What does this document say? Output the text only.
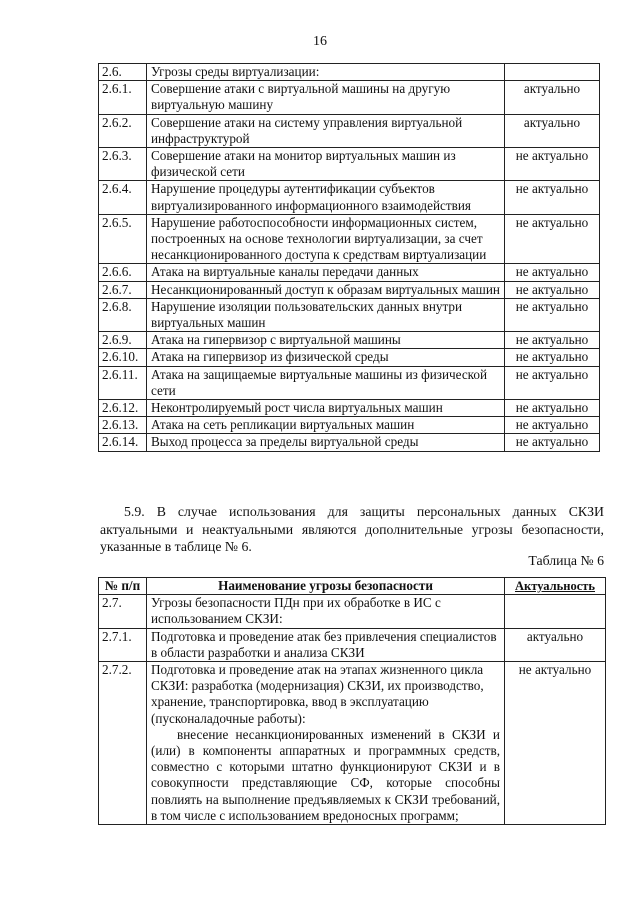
16
2.6.	Угрозы среды виртуализации:	
2.6.1.	Совершение атаки с виртуальной машины на другую виртуальную машину	актуально
2.6.2.	Совершение атаки на систему управления виртуальной инфраструктурой	актуально
2.6.3.	Совершение атаки на монитор виртуальных машин из физической сети	не актуально
2.6.4.	Нарушение процедуры аутентификации субъектов виртуализированного информационного взаимодействия	не актуально
2.6.5.	Нарушение работоспособности информационных систем, построенных на основе технологии виртуализации, за счет несанкционированного доступа к средствам виртуализации	не актуально
2.6.6.	Атака на виртуальные каналы передачи данных	не актуально
2.6.7.	Несанкционированный доступ к образам виртуальных машин	не актуально
2.6.8.	Нарушение изоляции пользовательских данных внутри виртуальных машин	не актуально
2.6.9.	Атака на гипервизор с виртуальной машины	не актуально
2.6.10.	Атака на гипервизор из физической среды	не актуально
2.6.11.	Атака на защищаемые виртуальные машины из физической сети	не актуально
2.6.12.	Неконтролируемый рост числа виртуальных машин	не актуально
2.6.13.	Атака на сеть репликации виртуальных машин	не актуально
2.6.14.	Выход процесса за пределы виртуальной среды	не актуально

5.9. В случае использования для защиты персональных данных СКЗИ актуальными и неактуальными являются дополнительные угрозы безопасности, указанные в таблице № 6.

Таблица № 6
№ п/п	Наименование угрозы безопасности	Актуальность
2.7.	Угрозы безопасности ПДн при их обработке в ИС с использованием СКЗИ:	
2.7.1.	Подготовка и проведение атак без привлечения специалистов в области разработки и анализа СКЗИ	актуально
2.7.2.	Подготовка и проведение атак на этапах жизненного цикла СКЗИ: разработка (модернизация) СКЗИ, их производство, хранение, транспортировка, ввод в эксплуатацию (пусконаладочные работы):
внесение несанкционированных изменений в СКЗИ и (или) в компоненты аппаратных и программных средств, совместно с которыми штатно функционируют СКЗИ и в совокупности представляющие СФ, которые способны повлиять на выполнение предъявляемых к СКЗИ требований, в том числе с использованием вредоносных программ;	не актуально
